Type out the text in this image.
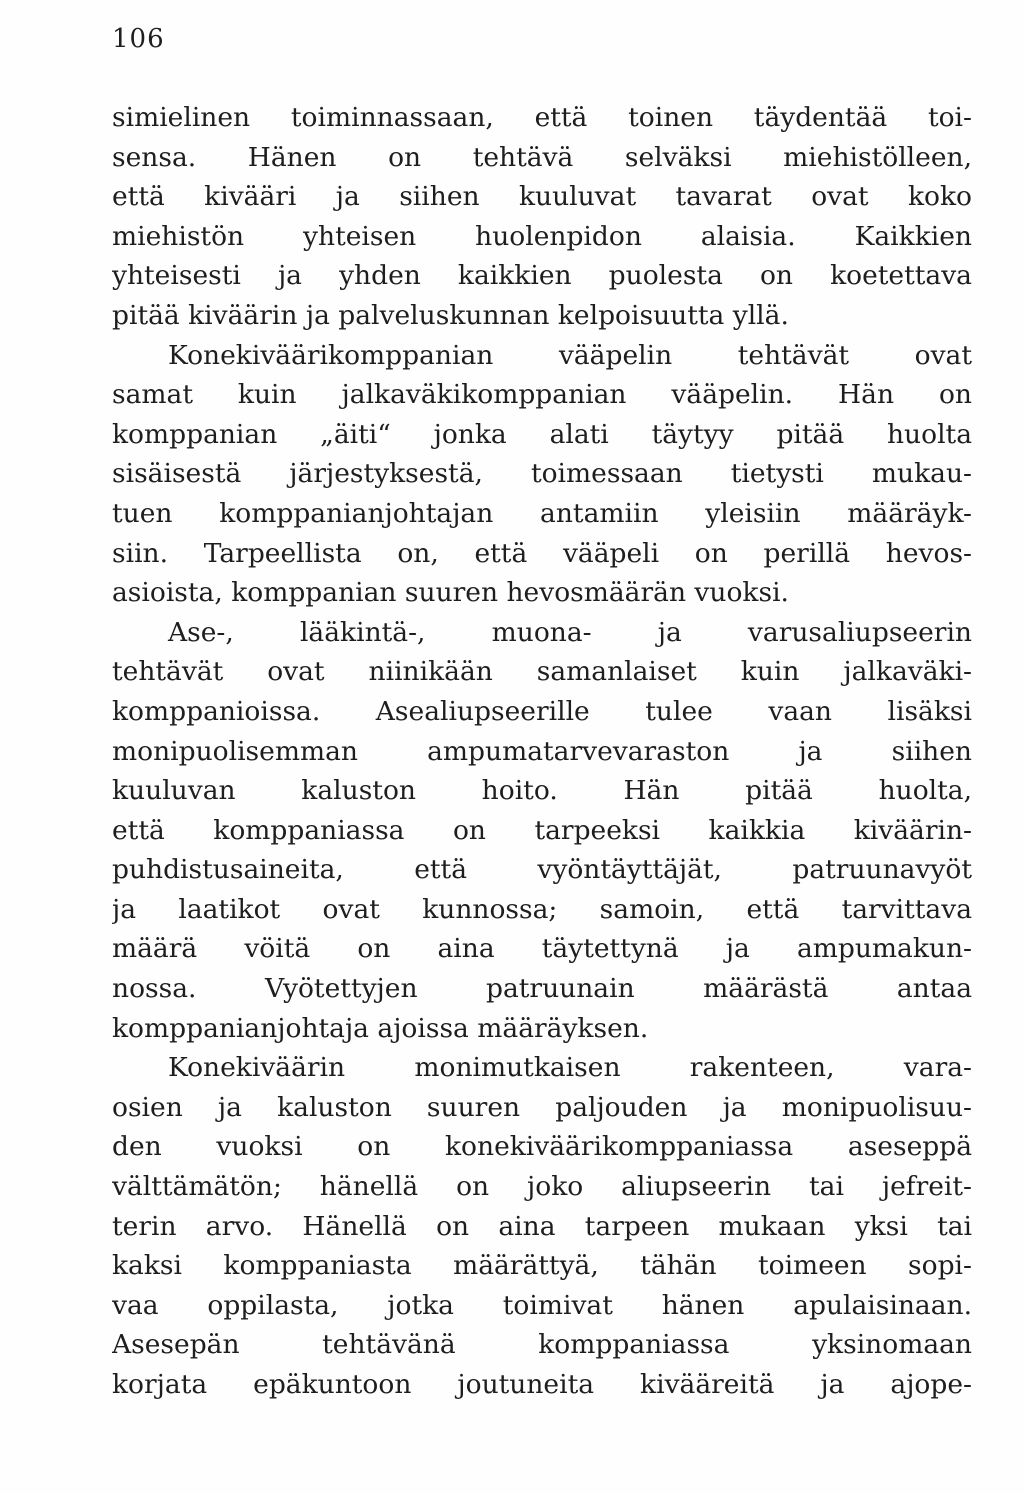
106
simielinen toiminnassaan, että toinen täydentää toi-
sensa. Hänen on tehtävä selväksi miehistölleen,
että kivääri ja siihen kuuluvat tavarat ovat koko
miehistön yhteisen huolenpidon alaisia. Kaikkien
yhteisesti ja yhden kaikkien puolesta on koetettava
pitää kiväärin ja palveluskunnan kelpoisuutta yllä.
Konekiväärikomppanian vääpelin tehtävät ovat
samat kuin jalkaväkikomppanian vääpelin. Hän on
komppanian „äiti“ jonka alati täytyy pitää huolta
sisäisestä järjestyksestä, toimessaan tietysti mukau-
tuen komppanianjohtajan antamiin yleisiin määräyk-
siin. Tarpeellista on, että vääpeli on perillä hevos-
asioista, komppanian suuren hevosmäärän vuoksi.
Ase-, lääkintä-, muona- ja varusaliupseerin
tehtävät ovat niinikään samanlaiset kuin jalkaväki-
komppanioissa. Asealiupseerille tulee vaan lisäksi
monipuolisemman ampumatarvevaraston ja siihen
kuuluvan kaluston hoito. Hän pitää huolta,
että komppaniassa on tarpeeksi kaikkia kiväärin-
puhdistusaineita, että vyöntäyttäjät, patruunavyöt
ja laatikot ovat kunnossa; samoin, että tarvittava
määrä vöitä on aina täytettynä ja ampumakun-
nossa. Vyötettyjen patruunain määrästä antaa
komppanianjohtaja ajoissa määräyksen.
Konekiväärin monimutkaisen rakenteen, vara-
osien ja kaluston suuren paljouden ja monipuolisuu-
den vuoksi on konekiväärikomppaniassa aseseppä
välttämätön; hänellä on joko aliupseerin tai jefreit-
terin arvo. Hänellä on aina tarpeen mukaan yksi tai
kaksi komppaniasta määrättyä, tähän toimeen sopi-
vaa oppilasta, jotka toimivat hänen apulaisinaan.
Asesepän tehtävänä komppaniassa yksinomaan
korjata epäkuntoon joutuneita kivääreitä ja ajope-
